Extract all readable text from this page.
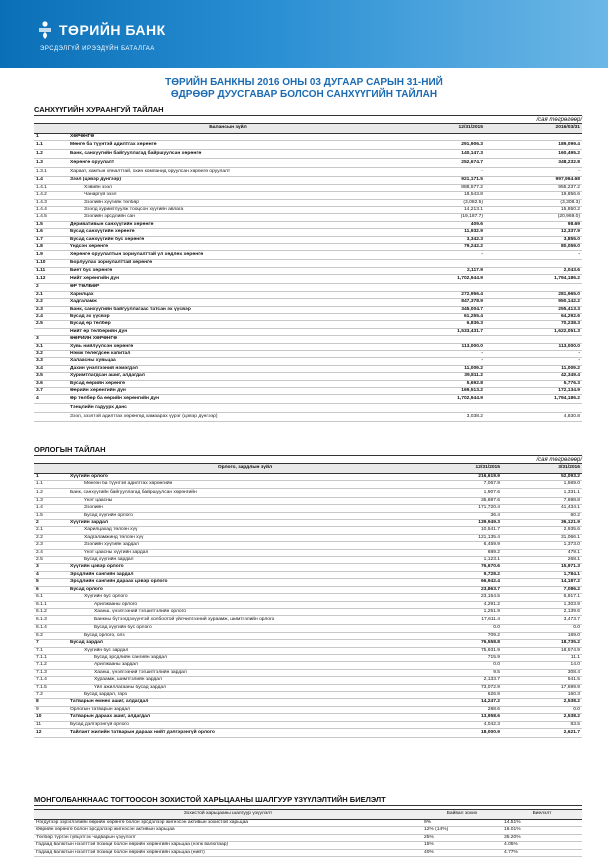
ТӨРИЙН БАНК
ЭРСДЭЛГҮЙ ИРЭЭДҮЙН БАТАЛГАА
ТӨРИЙН БАНКНЫ 2016 ОНЫ 03 ДУГААР САРЫН 31-НИЙ
ӨДРӨӨР ДУУСГАВАР БОЛСОН САНХҮҮГИЙН ТАЙЛАН
САНХҮҮГИЙН ХУРААНГУЙ ТАЙЛАН
/сая төгрөгөөр/
	Балансын зүйл	12/31/2015	2016/03/31
1	ХӨРӨНГӨ		
1.1	Мөнгө ба түүнтэй адилтгах хөрөнгө	291,906.3	189,099.4
1.2	Банк, санхүүгийн байгууллагад байршуулсан хөрөнгө	140,147.3	160,495.2
1.3	Хөрөнгө оруулалт	252,674.7	348,232.8
1.3.1	Хараат, хамтын хяналттай, охин компанид оруулсан хөрөнгө оруулалт	-	-
1.4	Зээл (цэвэр дүнгээр)	921,171.5	997,964.68
1.4.1	Хэвийн зээл	888,577.2	955,237.2
1.4.2	Чанаргүй зээл	18,543.8	19,856.6
1.4.3	Зээлийн хүүгийн төлбөр	(3,082.5)	(3,308.3)
1.4.4	Зээлд хуримтлуулж тооцсон хүүгийн авлага	14,213.1	15,850.2
1.4.5	Зээлийн эрсдлийн сан	(19,187.7)	(20,969.0)
1.5	Деривативын санхүүгийн хөрөнгө	409.6	98.69
1.6	Бусад санхүүгийн хөрөнгө	11,932.9	12,337.9
1.7	Бусад санхүүгийн бус хөрөнгө	3,342.3	3,855.0
1.8	Үндсэн хөрөнгө	79,242.2	80,059.0
1.9	Хөрөнгө оруулалтын зориулалттай үл хөдлөх хөрөнгө	-	-
1.10	Борлуулах зориулалттай хөрөнгө		
1.11	Биет бус хөрөнгө	2,117.9	2,043.6
1.12	Нийт хөрөнгийн дүн	1,702,944.9	1,794,186.2
2	ӨР ТӨЛБӨР		
2.1	Харилцах	272,956.4	281,965.0
2.2	Хадгаламж	847,378.9	950,142.2
2.3	Банк, санхүүгийн байгууллагаас татсан эх үүсвэр	345,004.7	255,413.3
2.4	Бусад эх үүсвэр	61,255.4	64,292.6
2.5	Бусад өр төлбөр	6,836.3	70,238.3
	Нийт өр төлбөрийн дүн	1,533,431.7	1,622,051.3
3	ӨӨРИЙН ХӨРӨНГӨ		
3.1	Хувь нийлүүлсэн хөрөнгө	113,000.0	113,000.0
3.2	Нэмж төлөгдсөн капитал	-	-
3.3	Халаасны хувьцаа	-	-
3.4	Дахин үнэлгээний нэмэгдэл	11,009.2	11,009.2
3.5	Хуримтлагдсан ашиг, алдагдал	39,811.2	42,349.4
3.6	Бусад өөрийн хөрөнгө	5,692.8	5,776.3
3.7	Өөрийн хөрөнгийн дүн	169,513.2	172,134.9
4	Өр төлбөр ба өөрийн хөрөнгийн дүн	1,702,944.9	1,794,186.2
	Тэнцлийн гадуурх данс		
	Зээл, зээлтэй адилтгах хөрөнгөд хамаарах үүрэг (цэвэр дүнгээр)	3,038.2	4,830.8
ОРЛОГЫН ТАЙЛАН
/сая төгрөгөөр/
	Орлого, зардлын зүйл	12/31/2015	3/31/2016
1	Хүүгийн орлого	216,619.9	52,093.2
1.1	Мөнгөн ба түүнтэй адилтгах хөрөнгийн	7,067.9	1,569.0
1.2	Банк, санхүүгийн байгууллагад байршуулсан хөрөнгийн	1,907.6	1,331.1
1.3	Үнэт цаасны	35,887.6	7,698.8
1.4	Зээлийн	171,720.4	41,434.1
1.5	Бусад хүүгийн орлого	36.4	60.2
2	Хүүгийн зардал	139,949.3	36,121.9
2.1	Харилцахад төлсөн хүү	10,541.7	2,935.6
2.2	Хадгаламжинд төлсөн хүү	121,135.4	31,066.1
2.3	Зээлийн хүүгийн зардал	6,459.9	1,373.0
2.4	Үнэт цаасны хүүгийн зардал	689.2	479.1
2.5	Бусад хүүгийн зардал	1,123.1	268.1
3	Хүүгийн цэвэр орлого	76,670.6	15,971.3
4	Эрсдлийн сангийн зардал	9,728.2	1,784.1
5	Эрсдлийн сангийн дараах цэвэр орлого	66,942.4	14,187.2
6	Бусад орлого	23,863.7	7,086.2
6.1	Хүүгийн бус орлого	23,154.5	6,917.1
6.1.1	Арилжааны орлого	4,291.2	1,303.9
6.1.2	Хаанш, үнэлгээний тэгшитгэлийн орлого	1,251.9	2,139.6
6.1.3	Банкны бүтээгдэхүүнтэй холбоотой үйлчилгээний хураамж, шимтгэлийн орлого	17,611.4	3,473.7
6.1.4	Бусад хүүгийн бус орлого	0.0	0.0
6.2	Бусад орлого, олз	709.2	169.0
7	Бусад зардал	76,558.8	18,735.2
7.1	Хүүгийн бус зардал	75,931.9	18,574.9
7.1.1	Бусад эрсдлийн сангийн зардал	715.9	11.1
7.1.2	Арилжааны зардал	0.0	14.0
7.1.3	Хаанш, үнэлгээний тэгшитгэлийн зардал	9.5	308.4
7.1.4	Хураамж, шимтгэлийн зардал	2,133.7	541.5
7.1.5	Үйл ажиллагааны бусад зардал	73,072.9	17,699.9
7.2	Бусад зардал, гарз	626.9	160.3
8	Татварын өмнөх ашиг, алдагдал	14,247.2	2,538.2
9	Орлогын татварын зардал	288.6	0.0
10	Татварын дараах ашиг, алдагдал	13,958.6	2,538.2
11	Бусад дэлгэрэнгүй орлого	4,042.3	83.5
12	Тайлант жилийн татварын дараах нийт дэлгэрэнгүй орлого	18,000.9	2,621.7
МОНГОЛБАНКНААС ТОГТООСОН ЗОХИСТОЙ ХАРЬЦААНЫ ШАЛГУУР ҮЗҮҮЛЭЛТИЙН БИЕЛЭЛТ
Зохистой харьцааны шалгуур үзүүлэлт	Байвал зохих	Биелэлт
Нэгдүгээр зэрэглэлийн өөрийн хөрөнгө болон эрсдэлээр жигнэсэн активын зохистой харьцаа	9%	14.51%
Өөрийн хөрөнгө болон эрсдэлээр жигнэсэн активын харьцаа	12% (14%)	16.01%
Төлбөр түргэн гүйцэтгэх чадварын үзүүлэлт	25%	35.20%
Гадаад валютын нээлттэй позици болон өөрийн хөрөнгийн харьцаа (нэгж валютаар)	15%	4.05%
Гадаад валютын нээлттэй позици болон өөрийн хөрөнгийн харьцаа (нийт)	40%	4.77%
